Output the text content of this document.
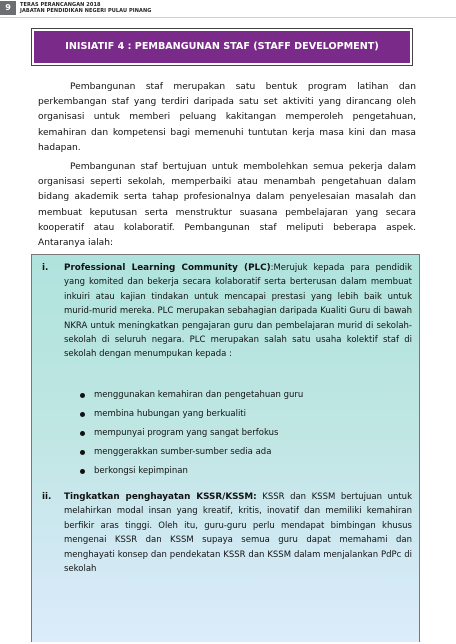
9	TERAS PERANCANGAN 2018
JABATAN PENDIDIKAN NEGERI PULAU PINANG
INISIATIF 4 : PEMBANGUNAN STAF (STAFF DEVELOPMENT)
Pembangunan staf merupakan satu bentuk program latihan dan perkembangan staf yang terdiri daripada satu set aktiviti yang dirancang oleh organisasi untuk memberi peluang kakitangan memperoleh pengetahuan, kemahiran dan kompetensi bagi memenuhi tuntutan kerja masa kini dan masa hadapan.
Pembangunan staf bertujuan untuk membolehkan semua pekerja dalam organisasi seperti sekolah, memperbaiki atau menambah pengetahuan dalam bidang akademik serta tahap profesionalnya dalam penyelesaian masalah dan membuat keputusan serta menstruktur suasana pembelajaran yang secara kooperatif atau kolaboratif. Pembangunan staf meliputi beberapa aspek. Antaranya ialah:
i. Professional Learning Community (PLC):Merujuk kepada para pendidik yang komited dan bekerja secara kolaboratif serta berterusan dalam membuat inkuiri atau kajian tindakan untuk mencapai prestasi yang lebih baik untuk murid-murid mereka. PLC merupakan sebahagian daripada Kualiti Guru di bawah NKRA untuk meningkatkan pengajaran guru dan pembelajaran murid di sekolah-sekolah di seluruh negara. PLC merupakan salah satu usaha kolektif staf di sekolah dengan menumpukan kepada :
menggunakan kemahiran dan pengetahuan guru
membina hubungan yang berkualiti
mempunyai program yang sangat berfokus
menggerakkan sumber-sumber sedia ada
berkongsi kepimpinan
ii. Tingkatkan penghayatan KSSR/KSSM: KSSR dan KSSM bertujuan untuk melahirkan modal insan yang kreatif, kritis, inovatif dan memiliki kemahiran berfikir aras tinggi. Oleh itu, guru-guru perlu mendapat bimbingan khusus mengenai KSSR dan KSSM supaya semua guru dapat memahami dan menghayati konsep dan pendekatan KSSR dan KSSM dalam menjalankan PdPc di sekolah
